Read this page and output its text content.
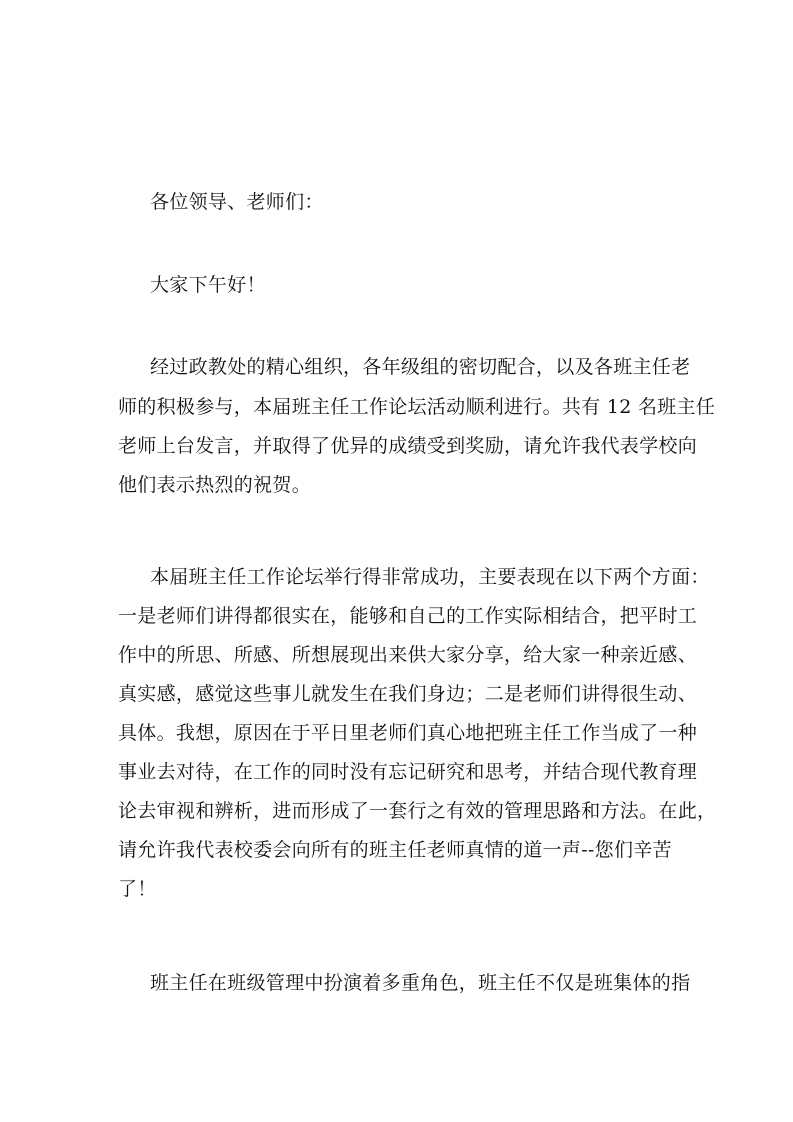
各位领导、老师们：
大家下午好！
经过政教处的精心组织，各年级组的密切配合，以及各班主任老
师的积极参与，本届班主任工作论坛活动顺利进行。共有 12 名班主任
老师上台发言，并取得了优异的成绩受到奖励，请允许我代表学校向
他们表示热烈的祝贺。
本届班主任工作论坛举行得非常成功，主要表现在以下两个方面：
一是老师们讲得都很实在，能够和自己的工作实际相结合，把平时工
作中的所思、所感、所想展现出来供大家分享，给大家一种亲近感、
真实感，感觉这些事儿就发生在我们身边；二是老师们讲得很生动、
具体。我想，原因在于平日里老师们真心地把班主任工作当成了一种
事业去对待，在工作的同时没有忘记研究和思考，并结合现代教育理
论去审视和辨析，进而形成了一套行之有效的管理思路和方法。在此，
请允许我代表校委会向所有的班主任老师真情的道一声--您们辛苦
了！
班主任在班级管理中扮演着多重角色，班主任不仅是班集体的指
